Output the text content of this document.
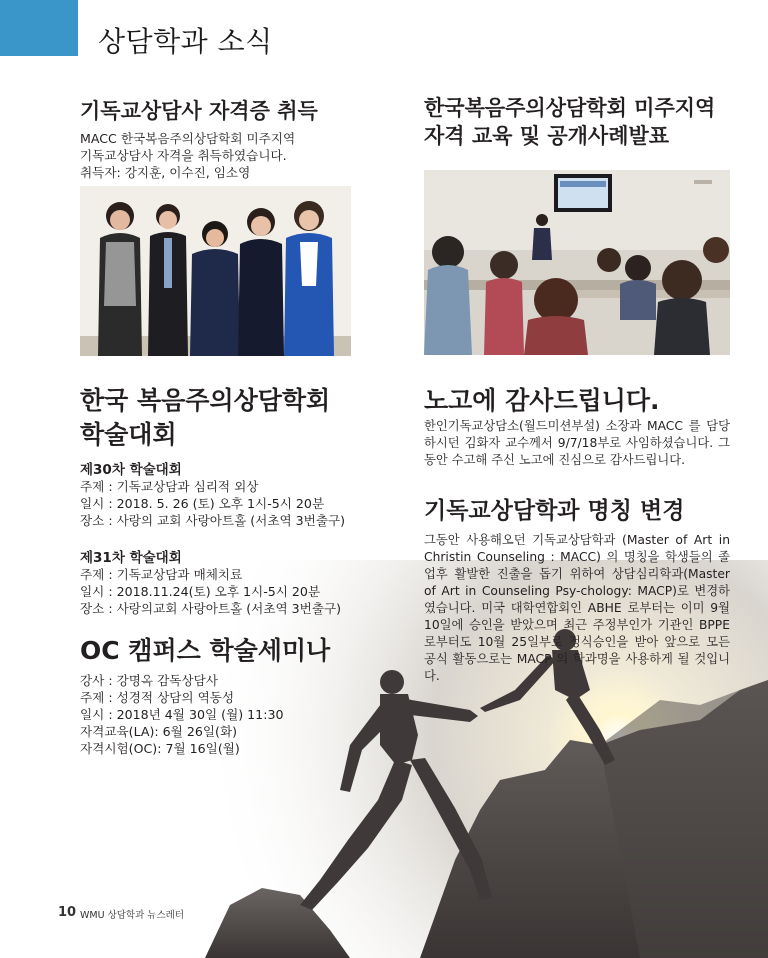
상담학과 소식
기독교상담사 자격증 취득

MACC 한국복음주의상담학회 미주지역

기독교상담사 자격을 취득하였습니다.

취득자: 강지훈, 이수진, 임소영

한국 복음주의상담학회
학술대회
제30차 학술대회

주제 : 기독교상담과 심리적 외상

일시 : 2018. 5. 26 (토) 오후 1시-5시 20분

장소 : 사랑의 교회 사랑아트홀 (서초역 3번출구)

제31차 학술대회

주제 : 기독교상담과 매체치료

일시 : 2018.11.24(토) 오후 1시-5시 20분

장소 : 사랑의교회 사랑아트홀 (서초역 3번출구)

OC 캠퍼스 학술세미나

강사 : 강명옥 감독상담사

주제 : 성경적 상담의 역동성

일시 : 2018년 4월 30일 (월) 11:30

자격교육(LA): 6월 26일(화)

자격시험(OC): 7월 16일(월)

한국복음주의상담학회 미주지역
자격 교육 및 공개사례발표
노고에 감사드립니다.

한인기독교상담소(월드미션부설) 소장과 MACC 를 담당하시던 김화자 교수께서 9/7/18부로 사임하셨습니다. 그동안 수고해 주신 노고에 진심으로 감사드립니다.

기독교상담학과 명칭 변경

그동안 사용해오던 기독교상담학과 (Master of Art in Christin Counseling : MACC) 의 명칭을 학생들의 졸업후 활발한 진출을 돕기 위하여 상담심리학과(Master of Art in Counseling Psy-chology: MACP)로 변경하였습니다. 미국 대학연합회인 ABHE 로부터는 이미 9월 10일에 승인을 받았으며 최근 주정부인가 기관인 BPPE 로부터도 10월 25일부로 정식승인을 받아 앞으로 모든 공식 활동으로는 MACP 의 학과명을 사용하게 될 것입니다.

10 WMU 상담학과 뉴스레터
